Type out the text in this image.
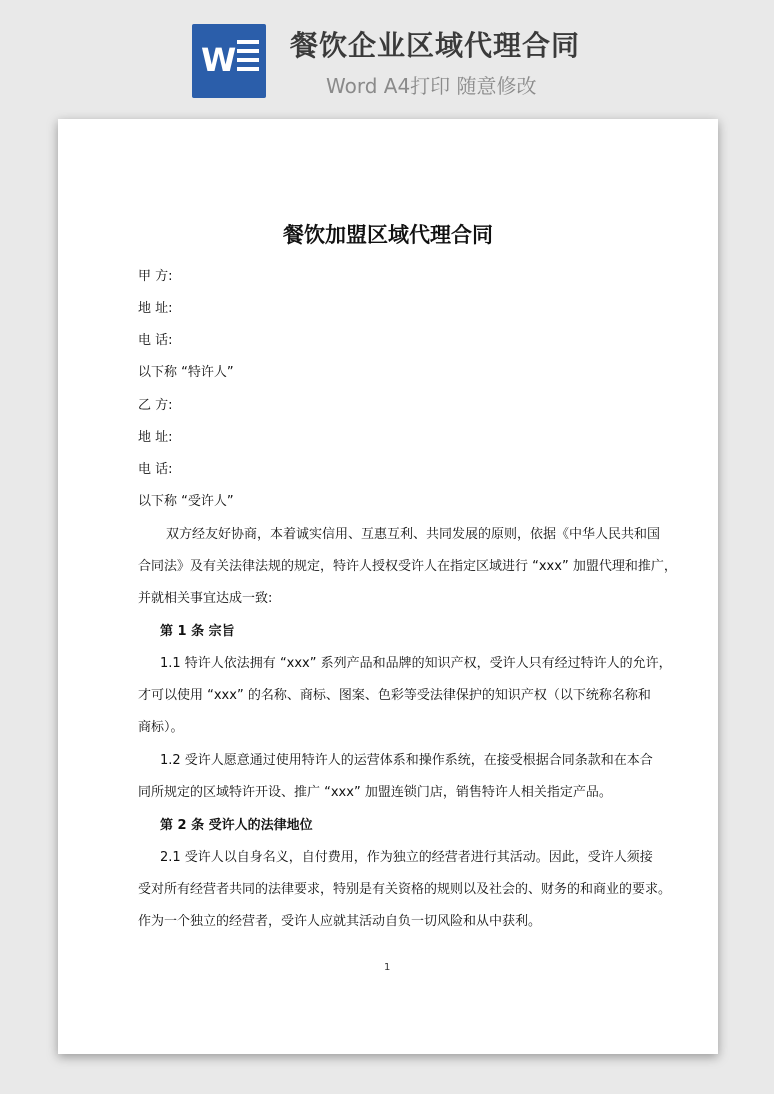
W 餐饮企业区域代理合同
Word A4打印 随意修改
餐饮加盟区域代理合同
甲 方:
地 址:
电 话:
以下称 “特许人”
乙 方:
地 址:
电 话:
以下称 “受许人”
双方经友好协商，本着诚实信用、互惠互利、共同发展的原则，依据《中华人民共和国
合同法》及有关法律法规的规定，特许人授权受许人在指定区域进行 “xxx” 加盟代理和推广，
并就相关事宜达成一致:
第 1 条 宗旨
1.1 特许人依法拥有 “xxx” 系列产品和品牌的知识产权，受许人只有经过特许人的允许，
才可以使用 “xxx” 的名称、商标、图案、色彩等受法律保护的知识产权（以下统称名称和
商标）。
1.2 受许人愿意通过使用特许人的运营体系和操作系统，在接受根据合同条款和在本合
同所规定的区域特许开设、推广 “xxx” 加盟连锁门店，销售特许人相关指定产品。
第 2 条 受许人的法律地位
2.1 受许人以自身名义，自付费用，作为独立的经营者进行其活动。因此，受许人须接
受对所有经营者共同的法律要求，特别是有关资格的规则以及社会的、财务的和商业的要求。
作为一个独立的经营者，受许人应就其活动自负一切风险和从中获利。
1
